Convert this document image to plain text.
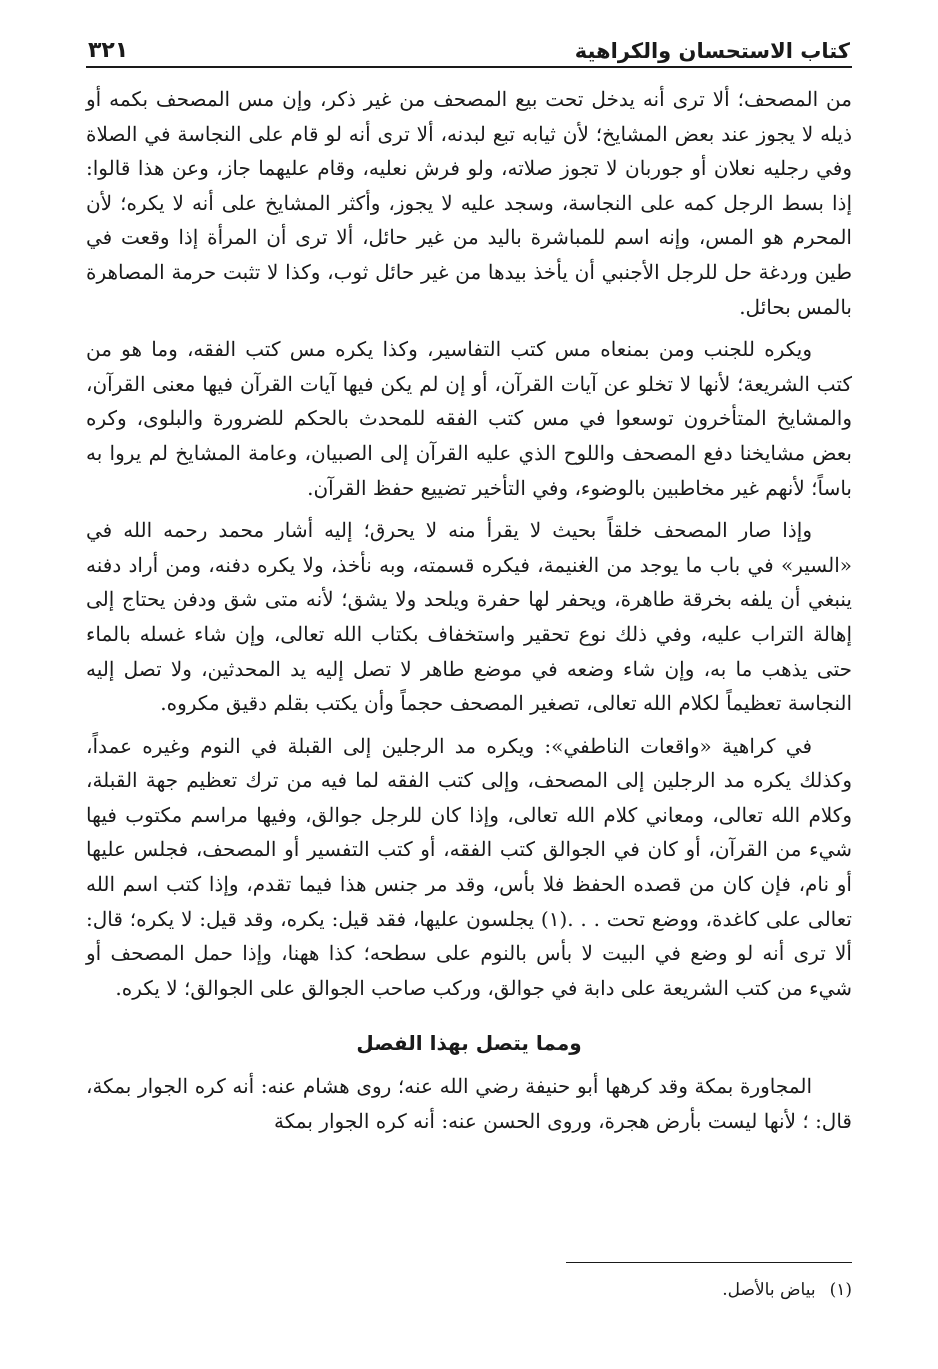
كتاب الاستحسان والكراهية
٣٢١

من المصحف؛ ألا ترى أنه يدخل تحت بيع المصحف من غير ذكر، وإن مس المصحف بكمه أو ذيله لا يجوز عند بعض المشايخ؛ لأن ثيابه تبع لبدنه، ألا ترى أنه لو قام على النجاسة في الصلاة وفي رجليه نعلان أو جوربان لا تجوز صلاته، ولو فرش نعليه، وقام عليهما جاز، وعن هذا قالوا: إذا بسط الرجل كمه على النجاسة، وسجد عليه لا يجوز، وأكثر المشايخ على أنه لا يكره؛ لأن المحرم هو المس، وإنه اسم للمباشرة باليد من غير حائل، ألا ترى أن المرأة إذا وقعت في طين وردغة حل للرجل الأجنبي أن يأخذ بيدها من غير حائل ثوب، وكذا لا تثبت حرمة المصاهرة بالمس بحائل.

ويكره للجنب ومن بمنعاه مس كتب التفاسير، وكذا يكره مس كتب الفقه، وما هو من كتب الشريعة؛ لأنها لا تخلو عن آيات القرآن، أو إن لم يكن فيها آيات القرآن فيها معنى القرآن، والمشايخ المتأخرون توسعوا في مس كتب الفقه للمحدث بالحكم للضرورة والبلوى، وكره بعض مشايخنا دفع المصحف واللوح الذي عليه القرآن إلى الصبيان، وعامة المشايخ لم يروا به باساً؛ لأنهم غير مخاطبين بالوضوء، وفي التأخير تضييع حفظ القرآن.

وإذا صار المصحف خلقاً بحيث لا يقرأ منه لا يحرق؛ إليه أشار محمد رحمه الله في «السير» في باب ما يوجد من الغنيمة، فيكره قسمته، وبه نأخذ، ولا يكره دفنه، ومن أراد دفنه ينبغي أن يلفه بخرقة طاهرة، ويحفر لها حفرة ويلحد ولا يشق؛ لأنه متى شق ودفن يحتاج إلى إهالة التراب عليه، وفي ذلك نوع تحقير واستخفاف بكتاب الله تعالى، وإن شاء غسله بالماء حتى يذهب ما به، وإن شاء وضعه في موضع طاهر لا تصل إليه يد المحدثين، ولا تصل إليه النجاسة تعظيماً لكلام الله تعالى، تصغير المصحف حجماً وأن يكتب بقلم دقيق مكروه.

في كراهية «واقعات الناطفي»: ويكره مد الرجلين إلى القبلة في النوم وغيره عمداً، وكذلك يكره مد الرجلين إلى المصحف، وإلى كتب الفقه لما فيه من ترك تعظيم جهة القبلة، وكلام الله تعالى، ومعاني كلام الله تعالى، وإذا كان للرجل جوالق، وفيها مراسم مكتوب فيها شيء من القرآن، أو كان في الجوالق كتب الفقه، أو كتب التفسير أو المصحف، فجلس عليها أو نام، فإن كان من قصده الحفظ فلا بأس، وقد مر جنس هذا فيما تقدم، وإذا كتب اسم الله تعالى على كاغدة، ووضع تحت . . .(١) يجلسون عليها، فقد قيل: يكره، وقد قيل: لا يكره؛ قال: ألا ترى أنه لو وضع في البيت لا بأس بالنوم على سطحه؛ كذا ههنا، وإذا حمل المصحف أو شيء من كتب الشريعة على دابة في جوالق، وركب صاحب الجوالق على الجوالق؛ لا يكره.

ومما يتصل بهذا الفصل

المجاورة بمكة وقد كرهها أبو حنيفة رضي الله عنه؛ روى هشام عنه: أنه كره الجوار بمكة، قال: ؛ لأنها ليست بأرض هجرة، وروى الحسن عنه: أنه كره الجوار بمكة

(١)بياض بالأصل.
